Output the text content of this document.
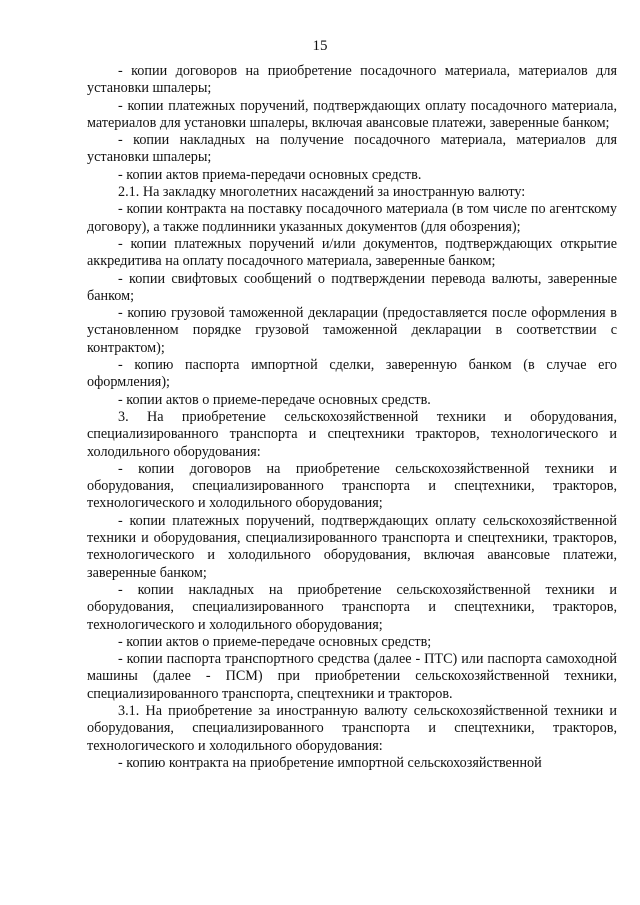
15

- копии договоров на приобретение посадочного материала, материалов для установки шпалеры;

- копии платежных поручений, подтверждающих оплату посадочного материала, материалов для установки шпалеры, включая авансовые платежи, заверенные банком;

- копии накладных на получение посадочного материала, материалов для установки шпалеры;

- копии актов приема-передачи основных средств.

2.1. На закладку многолетних насаждений за иностранную валюту:

- копии контракта на поставку посадочного материала (в том числе по агентскому договору), а также подлинники указанных документов (для обозрения);

- копии платежных поручений и/или документов, подтверждающих открытие аккредитива на оплату посадочного материала, заверенные банком;

- копии свифтовых сообщений о подтверждении перевода валюты, заверенные банком;

- копию грузовой таможенной декларации (предоставляется после оформления в установленном порядке грузовой таможенной декларации в соответствии с контрактом);

- копию паспорта импортной сделки, заверенную банком (в случае его оформления);

- копии актов о приеме-передаче основных средств.

3. На приобретение сельскохозяйственной техники и оборудования, специализированного транспорта и спецтехники тракторов, технологического и холодильного оборудования:

- копии договоров на приобретение сельскохозяйственной техники и оборудования, специализированного транспорта и спецтехники, тракторов, технологического и холодильного оборудования;

- копии платежных поручений, подтверждающих оплату сельскохозяйственной техники и оборудования, специализированного транспорта и спецтехники, тракторов, технологического и холодильного оборудования, включая авансовые платежи, заверенные банком;

- копии накладных на приобретение сельскохозяйственной техники и оборудования, специализированного транспорта и спецтехники, тракторов, технологического и холодильного оборудования;

- копии актов о приеме-передаче основных средств;

- копии паспорта транспортного средства (далее - ПТС) или паспорта самоходной машины (далее - ПСМ) при приобретении сельскохозяйственной техники, специализированного транспорта, спецтехники и тракторов.

3.1. На приобретение за иностранную валюту сельскохозяйственной техники и оборудования, специализированного транспорта и спецтехники, тракторов, технологического и холодильного оборудования:

- копию контракта на приобретение импортной сельскохозяйственной
